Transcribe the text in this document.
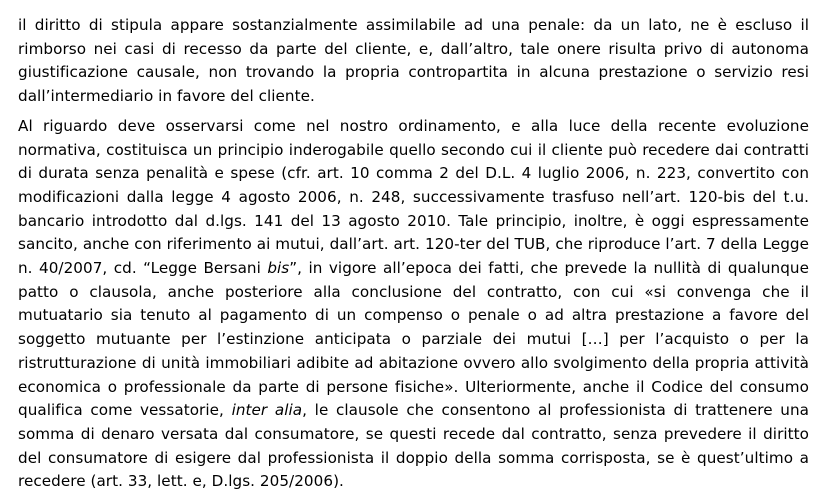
il diritto di stipula appare sostanzialmente assimilabile ad una penale: da un lato, ne è escluso il rimborso nei casi di recesso da parte del cliente, e, dall’altro, tale onere risulta privo di autonoma giustificazione causale, non trovando la propria contropartita in alcuna prestazione o servizio resi dall’intermediario in favore del cliente.

Al riguardo deve osservarsi come nel nostro ordinamento, e alla luce della recente evoluzione normativa, costituisca un principio inderogabile quello secondo cui il cliente può recedere dai contratti di durata senza penalità e spese (cfr. art. 10 comma 2 del D.L. 4 luglio 2006, n. 223, convertito con modificazioni dalla legge 4 agosto 2006, n. 248, successivamente trasfuso nell’art. 120-bis del t.u. bancario introdotto dal d.lgs. 141 del 13 agosto 2010. Tale principio, inoltre, è oggi espressamente sancito, anche con riferimento ai mutui, dall’art. art. 120-ter del TUB, che riproduce l’art. 7 della Legge n. 40/2007, cd. “Legge Bersani bis”, in vigore all’epoca dei fatti, che prevede la nullità di qualunque patto o clausola, anche posteriore alla conclusione del contratto, con cui «si convenga che il mutuatario sia tenuto al pagamento di un compenso o penale o ad altra prestazione a favore del soggetto mutuante per l’estinzione anticipata o parziale dei mutui […] per l’acquisto o per la ristrutturazione di unità immobiliari adibite ad abitazione ovvero allo svolgimento della propria attività economica o professionale da parte di persone fisiche». Ulteriormente, anche il Codice del consumo qualifica come vessatorie, inter alia, le clausole che consentono al professionista di trattenere una somma di denaro versata dal consumatore, se questi recede dal contratto, senza prevedere il diritto del consumatore di esigere dal professionista il doppio della somma corrisposta, se è quest’ultimo a recedere (art. 33, lett. e, D.lgs. 205/2006).
